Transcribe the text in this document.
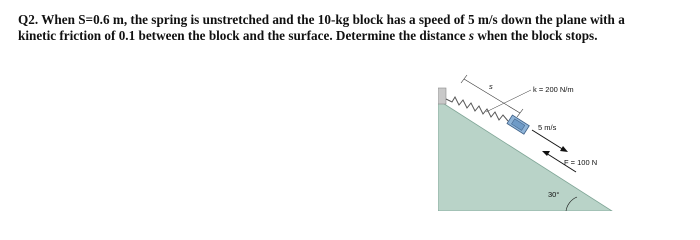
Q2. When S=0.6 m, the spring is unstretched and the 10-kg block has a speed of 5 m/s down the plane with a
kinetic friction of 0.1 between the block and the surface. Determine the distance s when the block stops.
s	k = 200 N/m
5 m/s
F = 100 N
30°
